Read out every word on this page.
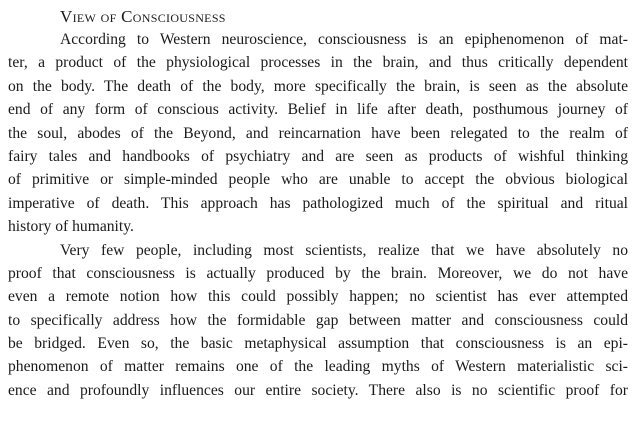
View of Consciousness
According to Western neuroscience, consciousness is an epiphenomenon of mat-
ter, a product of the physiological processes in the brain, and thus critically dependent
on the body. The death of the body, more specifically the brain, is seen as the absolute
end of any form of conscious activity. Belief in life after death, posthumous journey of
the soul, abodes of the Beyond, and reincarnation have been relegated to the realm of
fairy tales and handbooks of psychiatry and are seen as products of wishful thinking
of primitive or simple-minded people who are unable to accept the obvious biological
imperative of death. This approach has pathologized much of the spiritual and ritual
history of humanity.
Very few people, including most scientists, realize that we have absolutely no
proof that consciousness is actually produced by the brain. Moreover, we do not have
even a remote notion how this could possibly happen; no scientist has ever attempted
to specifically address how the formidable gap between matter and consciousness could
be bridged. Even so, the basic metaphysical assumption that consciousness is an epi-
phenomenon of matter remains one of the leading myths of Western materialistic sci-
ence and profoundly influences our entire society. There also is no scientific proof for
